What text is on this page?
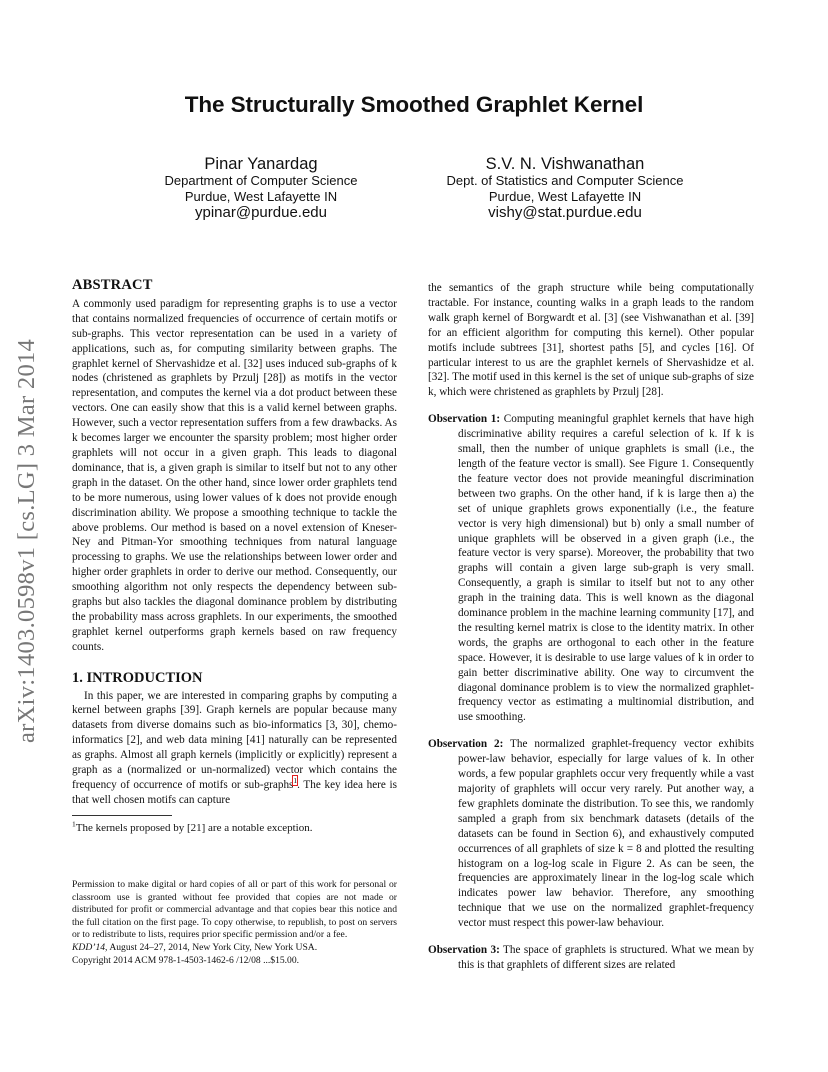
The Structurally Smoothed Graphlet Kernel
Pinar Yanardag
Department of Computer Science
Purdue, West Lafayette IN
ypinar@purdue.edu
S.V. N. Vishwanathan
Dept. of Statistics and Computer Science
Purdue, West Lafayette IN
vishy@stat.purdue.edu
arXiv:1403.0598v1 [cs.LG] 3 Mar 2014
ABSTRACT

A commonly used paradigm for representing graphs is to use a vector that contains normalized frequencies of occurrence of certain motifs or sub-graphs. This vector representation can be used in a variety of applications, such as, for computing similarity between graphs. The graphlet kernel of Shervashidze et al. [32] uses induced sub-graphs of k nodes (christened as graphlets by Przulj [28]) as motifs in the vector representation, and computes the kernel via a dot product between these vectors. One can easily show that this is a valid kernel between graphs. However, such a vector representation suffers from a few drawbacks. As k becomes larger we encounter the sparsity problem; most higher order graphlets will not occur in a given graph. This leads to diagonal dominance, that is, a given graph is similar to itself but not to any other graph in the dataset. On the other hand, since lower order graphlets tend to be more numerous, using lower values of k does not provide enough discrimination ability. We propose a smoothing technique to tackle the above problems. Our method is based on a novel extension of Kneser-Ney and Pitman-Yor smoothing techniques from natural language processing to graphs. We use the relationships between lower order and higher order graphlets in order to derive our method. Consequently, our smoothing algorithm not only respects the dependency between sub-graphs but also tackles the diagonal dominance problem by distributing the probability mass across graphlets. In our experiments, the smoothed graphlet kernel outperforms graph kernels based on raw frequency counts.

1. INTRODUCTION

In this paper, we are interested in comparing graphs by computing a kernel between graphs [39]. Graph kernels are popular because many datasets from diverse domains such as bio-informatics [3, 30], chemo-informatics [2], and web data mining [41] naturally can be represented as graphs. Almost all graph kernels (implicitly or explicitly) represent a graph as a (normalized or un-normalized) vector which contains the frequency of occurrence of motifs or sub-graphs$^1$. The key idea here is that well chosen motifs can capture

$^1$The kernels proposed by [21] are a notable exception.
Permission to make digital or hard copies of all or part of this work for personal or classroom use is granted without fee provided that copies are not made or distributed for profit or commercial advantage and that copies bear this notice and the full citation on the first page. To copy otherwise, to republish, to post on servers or to redistribute to lists, requires prior specific permission and/or a fee.
KDD’14, August 24–27, 2014, New York City, New York USA.
Copyright 2014 ACM 978-1-4503-1462-6 /12/08 ...$15.00.

the semantics of the graph structure while being computationally tractable. For instance, counting walks in a graph leads to the random walk graph kernel of Borgwardt et al. [3] (see Vishwanathan et al. [39] for an efficient algorithm for computing this kernel). Other popular motifs include subtrees [31], shortest paths [5], and cycles [16]. Of particular interest to us are the graphlet kernels of Shervashidze et al. [32]. The motif used in this kernel is the set of unique sub-graphs of size k, which were christened as graphlets by Przulj [28].

Observation 1: Computing meaningful graphlet kernels that have high discriminative ability requires a careful selection of k. If k is small, then the number of unique graphlets is small (i.e., the length of the feature vector is small). See Figure 1. Consequently the feature vector does not provide meaningful discrimination between two graphs. On the other hand, if k is large then a) the set of unique graphlets grows exponentially (i.e., the feature vector is very high dimensional) but b) only a small number of unique graphlets will be observed in a given graph (i.e., the feature vector is very sparse). Moreover, the probability that two graphs will contain a given large sub-graph is very small. Consequently, a graph is similar to itself but not to any other graph in the training data. This is well known as the diagonal dominance problem in the machine learning community [17], and the resulting kernel matrix is close to the identity matrix. In other words, the graphs are orthogonal to each other in the feature space. However, it is desirable to use large values of k in order to gain better discriminative ability. One way to circumvent the diagonal dominance problem is to view the normalized graphlet-frequency vector as estimating a multinomial distribution, and use smoothing.

Observation 2: The normalized graphlet-frequency vector exhibits power-law behavior, especially for large values of k. In other words, a few popular graphlets occur very frequently while a vast majority of graphlets will occur very rarely. Put another way, a few graphlets dominate the distribution. To see this, we randomly sampled a graph from six benchmark datasets (details of the datasets can be found in Section 6), and exhaustively computed occurrences of all graphlets of size k = 8 and plotted the resulting histogram on a log-log scale in Figure 2. As can be seen, the frequencies are approximately linear in the log-log scale which indicates power law behavior. Therefore, any smoothing technique that we use on the normalized graphlet-frequency vector must respect this power-law behaviour.

Observation 3: The space of graphlets is structured. What we mean by this is that graphlets of different sizes are related
